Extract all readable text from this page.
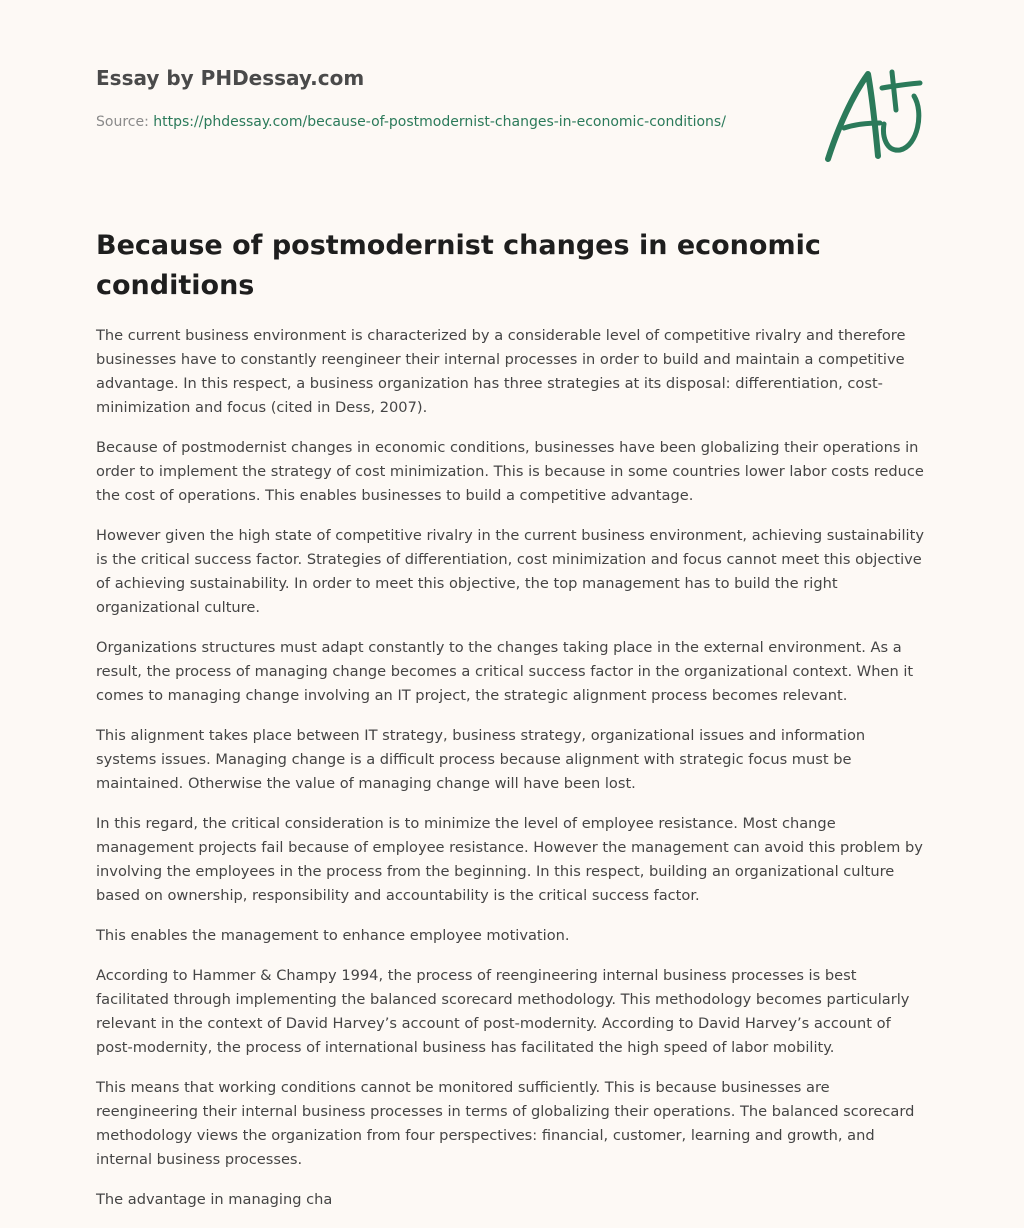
Essay by PHDessay.com
Source: https://phdessay.com/because-of-postmodernist-changes-in-economic-conditions/
Because of postmodernist changes in economic conditions

The current business environment is characterized by a considerable level of competitive rivalry and therefore businesses have to constantly reengineer their internal processes in order to build and maintain a competitive advantage. In this respect, a business organization has three strategies at its disposal: differentiation, cost-minimization and focus (cited in Dess, 2007).

Because of postmodernist changes in economic conditions, businesses have been globalizing their operations in order to implement the strategy of cost minimization. This is because in some countries lower labor costs reduce the cost of operations. This enables businesses to build a competitive advantage.

However given the high state of competitive rivalry in the current business environment, achieving sustainability is the critical success factor. Strategies of differentiation, cost minimization and focus cannot meet this objective of achieving sustainability. In order to meet this objective, the top management has to build the right organizational culture.

Organizations structures must adapt constantly to the changes taking place in the external environment. As a result, the process of managing change becomes a critical success factor in the organizational context. When it comes to managing change involving an IT project, the strategic alignment process becomes relevant.

This alignment takes place between IT strategy, business strategy, organizational issues and information systems issues. Managing change is a difficult process because alignment with strategic focus must be maintained. Otherwise the value of managing change will have been lost.

In this regard, the critical consideration is to minimize the level of employee resistance. Most change management projects fail because of employee resistance. However the management can avoid this problem by involving the employees in the process from the beginning. In this respect, building an organizational culture based on ownership, responsibility and accountability is the critical success factor.

This enables the management to enhance employee motivation.

According to Hammer & Champy 1994, the process of reengineering internal business processes is best facilitated through implementing the balanced scorecard methodology. This methodology becomes particularly relevant in the context of David Harvey’s account of post-modernity. According to David Harvey’s account of post-modernity, the process of international business has facilitated the high speed of labor mobility.

This means that working conditions cannot be monitored sufficiently. This is because businesses are reengineering their internal business processes in terms of globalizing their operations. The balanced scorecard methodology views the organization from four perspectives: financial, customer, learning and growth, and internal business processes.

The advantage in managing cha
